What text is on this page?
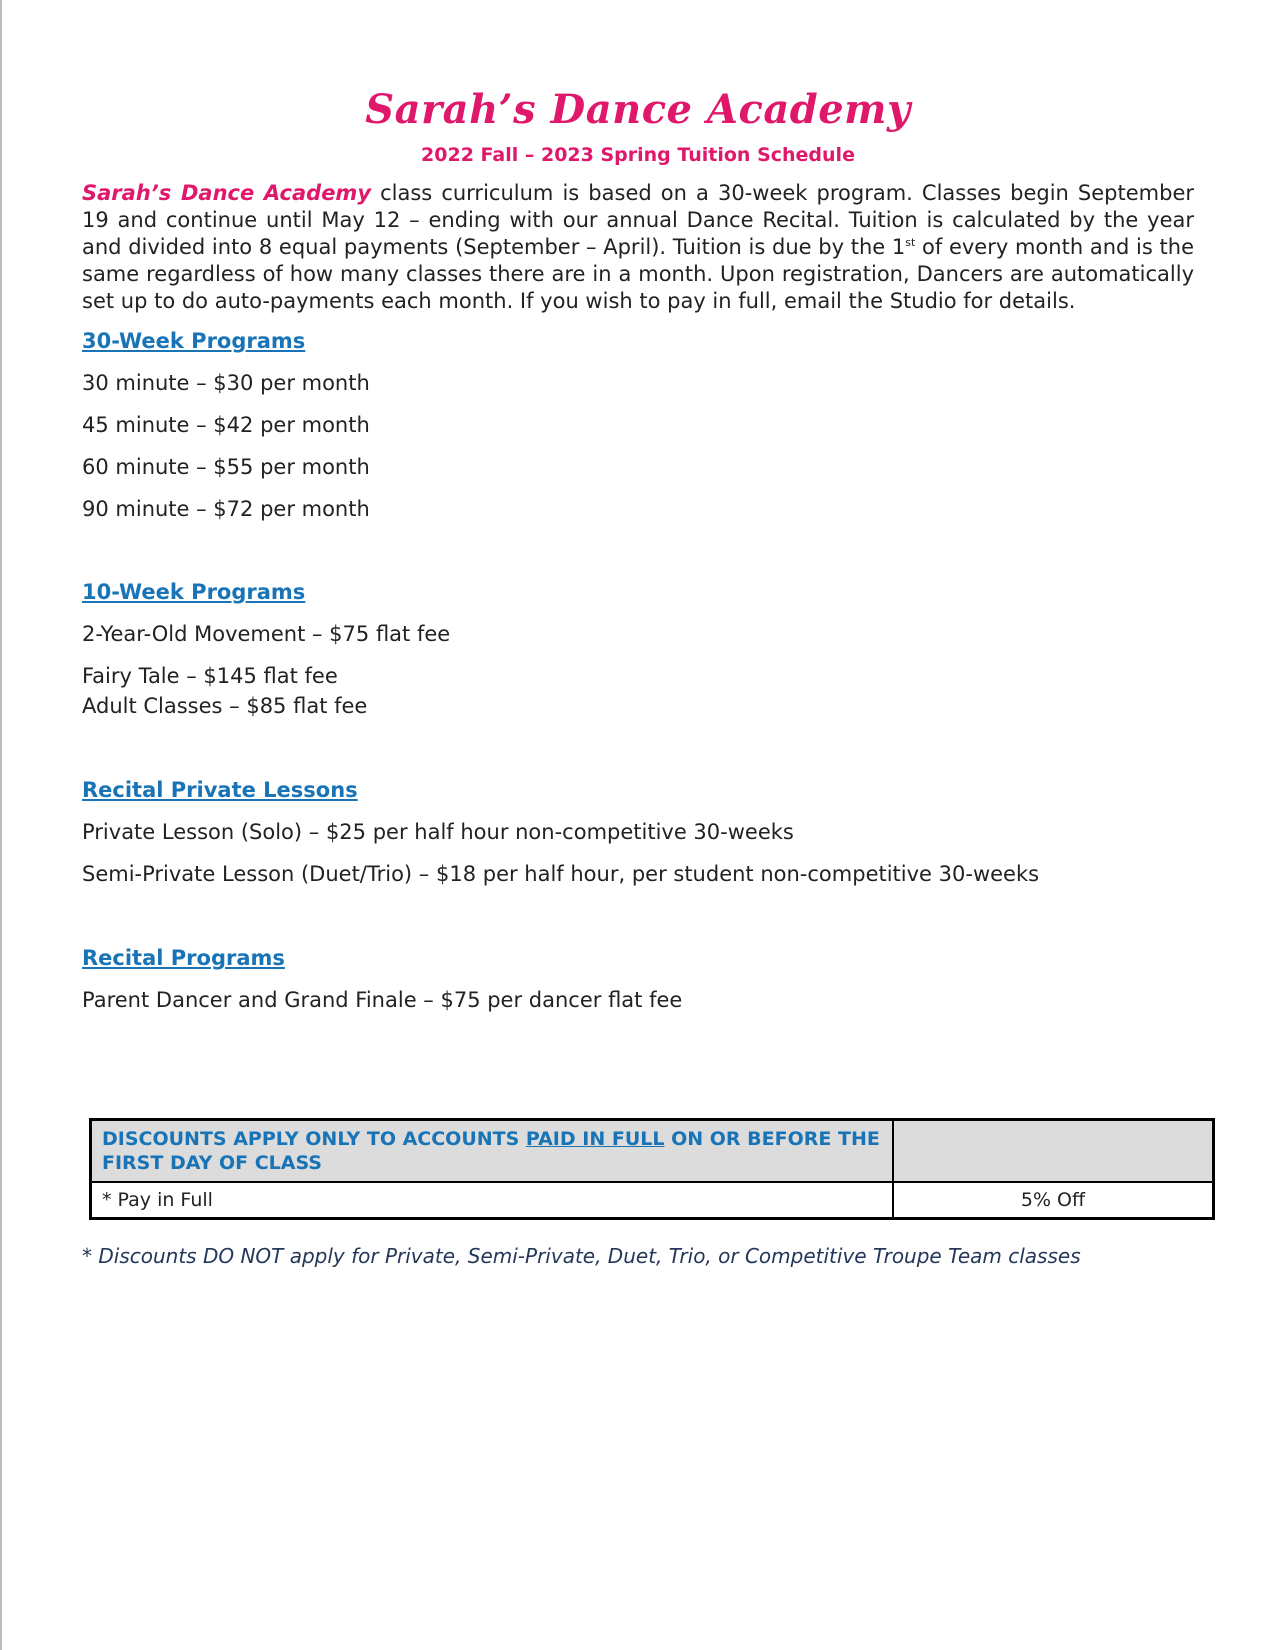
Sarah’s Dance Academy

2022 Fall – 2023 Spring Tuition Schedule

Sarah’s Dance Academy class curriculum is based on a 30-week program. Classes begin September 19 and continue until May 12 – ending with our annual Dance Recital. Tuition is calculated by the year and divided into 8 equal payments (September – April). Tuition is due by the 1st of every month and is the same regardless of how many classes there are in a month. Upon registration, Dancers are automatically set up to do auto-payments each month. If you wish to pay in full, email the Studio for details.

30-Week Programs

30 minute – $30 per month

45 minute – $42 per month

60 minute – $55 per month

90 minute – $72 per month

10-Week Programs

2-Year-Old Movement – $75 flat fee

Fairy Tale – $145 flat fee

Adult Classes – $85 flat fee

Recital Private Lessons

Private Lesson (Solo) – $25 per half hour non-competitive 30-weeks

Semi-Private Lesson (Duet/Trio) – $18 per half hour, per student non-competitive 30-weeks

Recital Programs

Parent Dancer and Grand Finale – $75 per dancer flat fee

DISCOUNTS APPLY ONLY TO ACCOUNTS PAID IN FULL ON OR BEFORE THE FIRST DAY OF CLASS	
* Pay in Full	5% Off

* Discounts DO NOT apply for Private, Semi-Private, Duet, Trio, or Competitive Troupe Team classes
